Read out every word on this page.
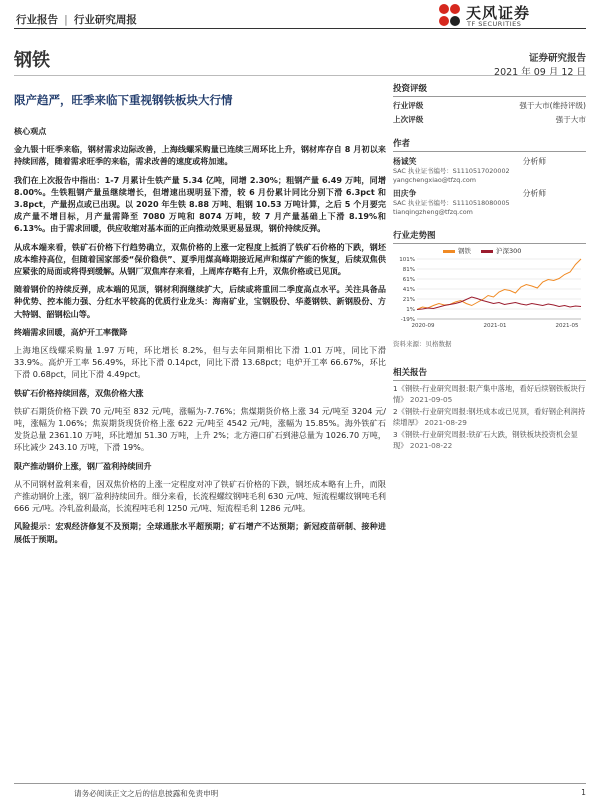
行业报告 | 行业研究周报	天风证券
TF SECURITIES
钢铁	证券研究报告
2021 年 09 月 12 日
限产趋严，旺季来临下重视钢铁板块大行情
核心观点

金九银十旺季来临，钢材需求边际改善，上海线螺采购量已连续三周环比上升，钢材库存自 8 月初以来持续回落，随着需求旺季的来临，需求改善的速度或将加速。

我们在上次报告中指出：1-7 月累计生铁产量 5.34 亿吨，同增 2.30%；粗钢产量 6.49 万吨，同增 8.00%。生铁粗钢产量虽继续增长，但增速出现明显下滑，较 6 月份累计同比分别下滑 6.3pct 和 3.8pct，产量拐点或已出现。以 2020 年生铁 8.88 万吨、粗钢 10.53 万吨计算，之后 5 个月要完成产量不增目标，月产量需降至 7080 万吨和 8074 万吨，较 7 月产量基础上下滑 8.19%和 6.13%。由于需求回暖，供应收缩对基本面的正向推动效果更易显现，钢价持续反弹。

从成本端来看，铁矿石价格下行趋势确立，双焦价格的上涨一定程度上抵消了铁矿石价格的下跌，钢坯成本维持高位，但随着国家部委“保价稳供”、夏季用煤高峰期接近尾声和煤矿产能的恢复，后续双焦供应紧张的局面或将得到缓解。从钢厂双焦库存来看，上周库存略有上升，双焦价格或已见顶。

随着钢价的持续反弹，成本端的见顶，钢材利润继续扩大，后续或将重回二季度高点水平。关注具备品种优势、控本能力强、分红水平较高的优质行业龙头：海南矿业，宝钢股份、华菱钢铁、新钢股份、方大特钢、韶钢松山等。

终端需求回暖，高炉开工率微降

上海地区线螺采购量 1.97 万吨，环比增长 8.2%，但与去年同期相比下滑 1.01 万吨，同比下滑 33.9%。高炉开工率 56.49%，环比下滑 0.14pct，同比下滑 13.68pct；电炉开工率 66.67%，环比下滑 0.68pct，同比下滑 4.49pct。

铁矿石价格持续回落，双焦价格大涨

铁矿石期货价格下跌 70 元/吨至 832 元/吨，涨幅为-7.76%；焦煤期货价格上涨 34 元/吨至 3204 元/吨，涨幅为 1.06%；焦炭期货现货价格上涨 622 元/吨至 4542 元/吨，涨幅为 15.85%。海外铁矿石发货总量 2361.10 万吨，环比增加 51.30 万吨，上升 2%；北方港口矿石到港总量为 1026.70 万吨，环比减少 243.10 万吨，下滑 19%。

限产推动钢价上涨，钢厂盈利持续回升

从不同钢材盈利来看，因双焦价格的上涨一定程度对冲了铁矿石价格的下跌，钢坯成本略有上升，而限产推动钢价上涨，钢厂盈利持续回升。细分来看，长流程螺纹钢吨毛利 630 元/吨、短流程螺纹钢吨毛利 666 元/吨。冷轧盈利最高，长流程吨毛利 1250 元/吨、短流程毛利 1286 元/吨。

风险提示：宏观经济修复不及预期；全球通胀水平超预期；矿石增产不达预期；新冠疫苗研制、接种进展低于预期。

投资评级
行业评级	强于大市(维持评级)
上次评级	强于大市
作者
杨诚笑	分析师
SAC 执业证书编号：S1110517020002
yangchengxiao@tfzq.com
田庆争	分析师
SAC 执业证书编号：S1110518080005
tianqingzheng@tfzq.com
行业走势图
钢铁	沪深300
101%
81%
61%
41%
21%
1%
-19%
2020-09	2021-01	2021-05
资料来源：贝格数据
相关报告
1《钢铁-行业研究周报:限产集中落地，看好后续钢铁板块行情》 2021-09-05
2《钢铁-行业研究周报:钢坯成本或已见顶，看好钢企利润持续增厚》 2021-08-29
3《钢铁-行业研究周报:铁矿石大跌，钢铁板块投资机会显现》 2021-08-22
请务必阅读正文之后的信息披露和免责申明	1
